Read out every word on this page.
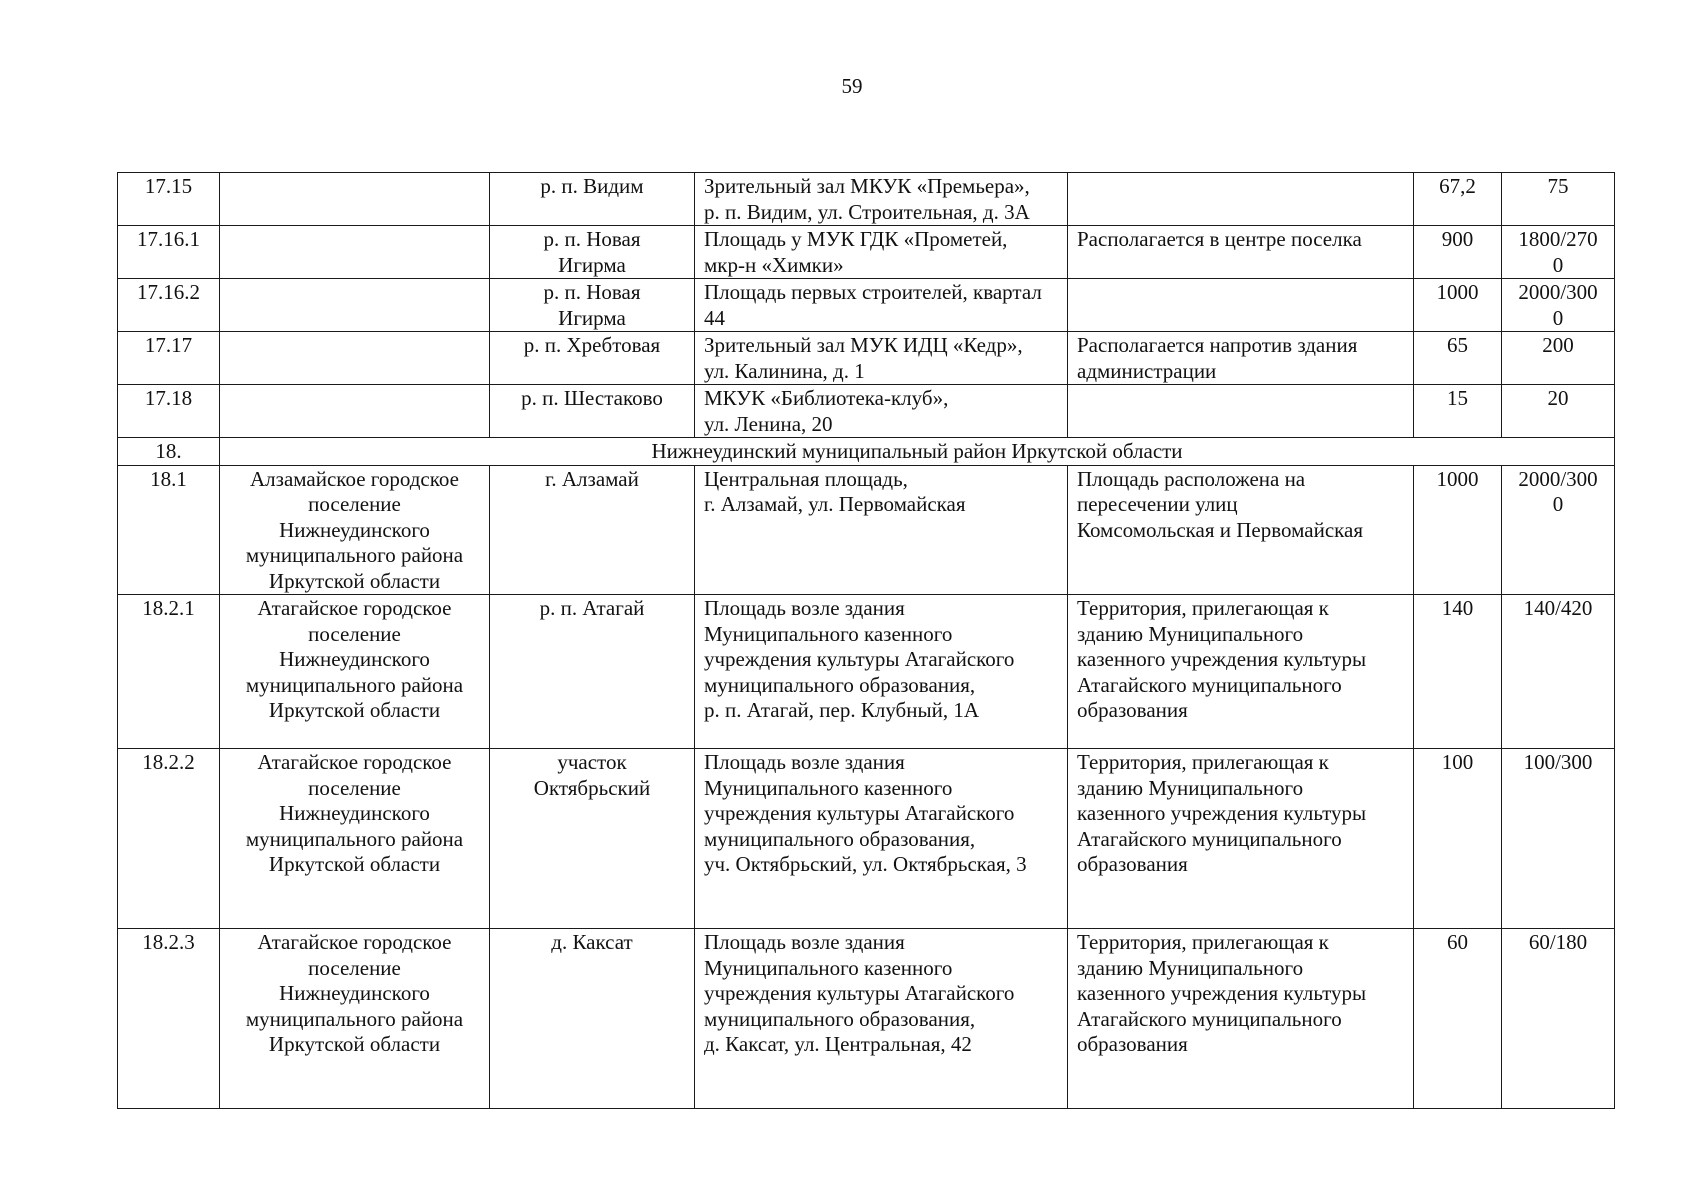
59
17.15		р. п. Видим	Зрительный зал МКУК «Премьера»,
р. п. Видим, ул. Строительная, д. 3А		67,2	75

17.16.1		р. п. Новая
Игирма	Площадь у МУК ГДК «Прометей,
мкр-н «Химки»	Располагается в центре поселка	900	1800/270
0

17.16.2		р. п. Новая
Игирма	Площадь первых строителей, квартал
44		1000	2000/300
0

17.17		р. п. Хребтовая	Зрительный зал МУК ИДЦ «Кедр»,
ул. Калинина, д. 1	Располагается напротив здания
администрации	65	200

17.18		р. п. Шестаково	МКУК «Библиотека-клуб»,
ул. Ленина, 20		15	20

18.	Нижнеудинский муниципальный район Иркутской области					
18.1	Алзамайское городское
поселение
Нижнеудинского
муниципального района
Иркутской области	г. Алзамай	Центральная площадь,
г. Алзамай, ул. Первомайская	Площадь расположена на
пересечении улиц
Комсомольская и Первомайская	1000	2000/300
0

18.2.1	Атагайское городское
поселение
Нижнеудинского
муниципального района
Иркутской области	р. п. Атагай	Площадь возле здания
Муниципального казенного
учреждения культуры Атагайского
муниципального образования,
р. п. Атагай, пер. Клубный, 1А	Территория, прилегающая к
зданию Муниципального
казенного учреждения культуры
Атагайского муниципального
образования	140	140/420

18.2.2	Атагайское городское
поселение
Нижнеудинского
муниципального района
Иркутской области	участок
Октябрьский	Площадь возле здания
Муниципального казенного
учреждения культуры Атагайского
муниципального образования,
уч. Октябрьский, ул. Октябрьская, 3	Территория, прилегающая к
зданию Муниципального
казенного учреждения культуры
Атагайского муниципального
образования	100	100/300

18.2.3	Атагайское городское
поселение
Нижнеудинского
муниципального района
Иркутской области	д. Каксат	Площадь возле здания
Муниципального казенного
учреждения культуры Атагайского
муниципального образования,
д. Каксат, ул. Центральная, 42	Территория, прилегающая к
зданию Муниципального
казенного учреждения культуры
Атагайского муниципального
образования	60	60/180
